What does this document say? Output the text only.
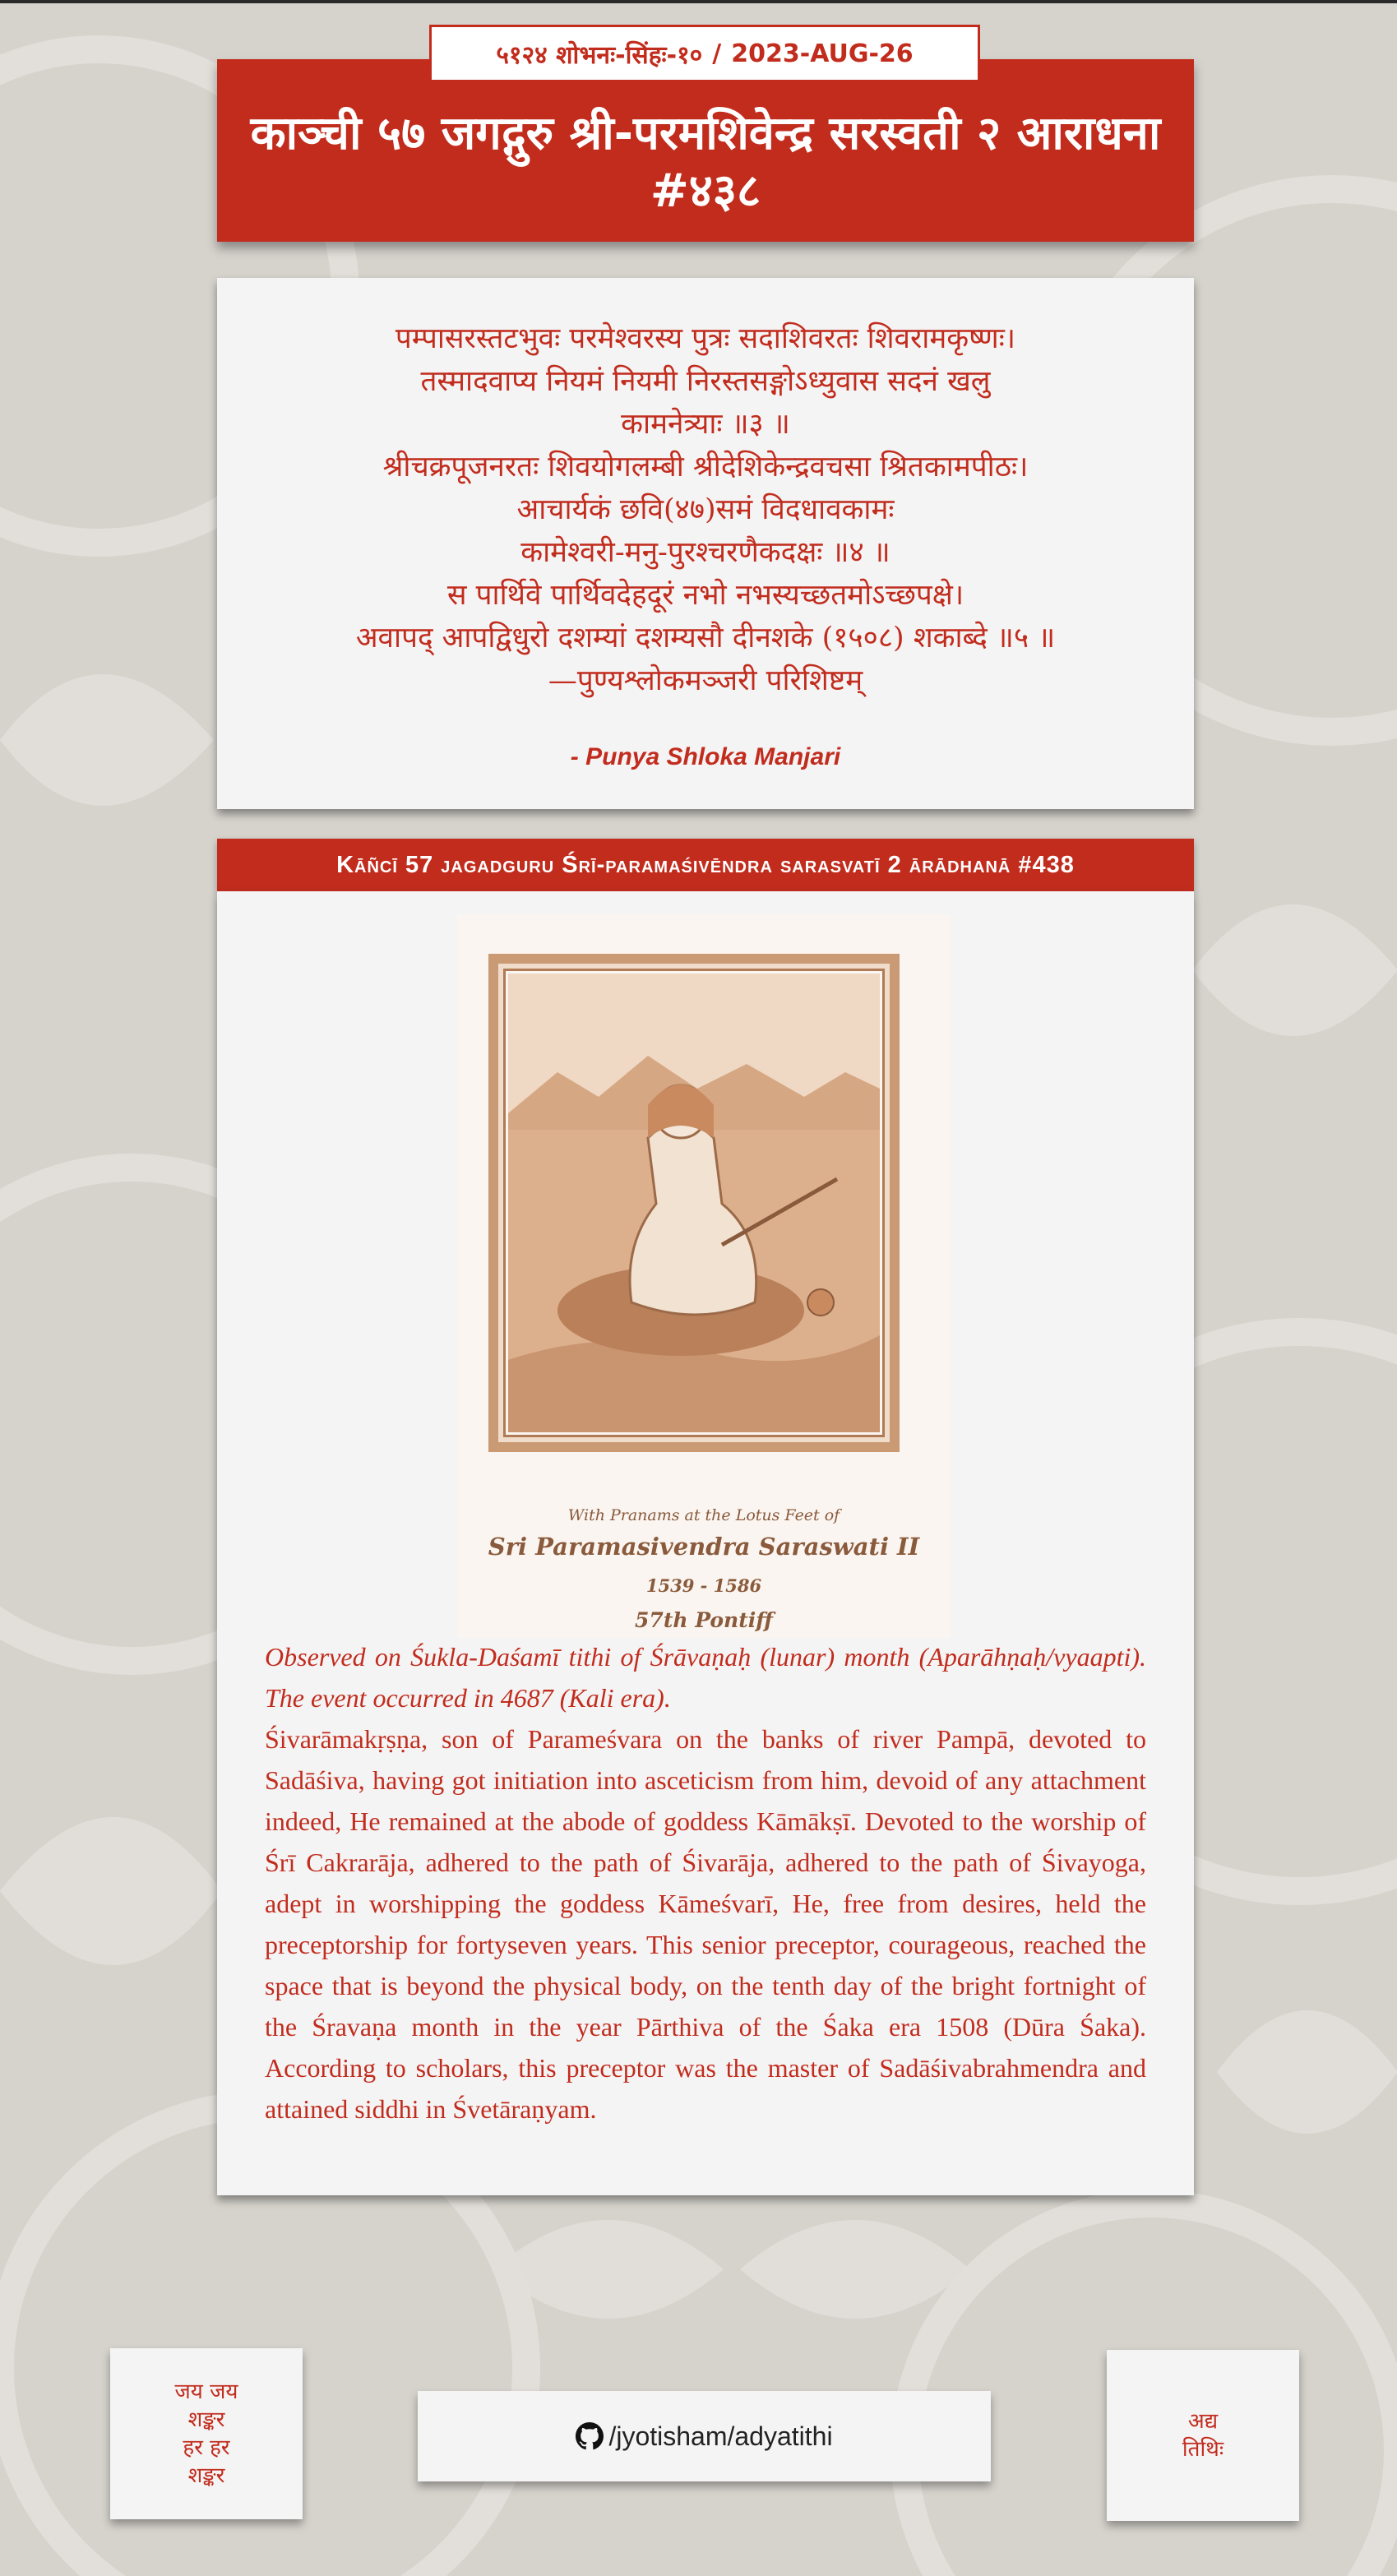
काञ्ची ५७ जगद्गुरु श्री-परमशिवेन्द्र सरस्वती २ आराधना #४३८
५१२४ शोभनः-सिंहः-१० / 2023-AUG-26
पम्पासरस्तटभुवः परमेश्वरस्य पुत्रः सदाशिवरतः शिवरामकृष्णः।
तस्मादवाप्य नियमं नियमी निरस्तसङ्गोऽध्युवास सदनं खलु
कामनेत्र्याः ॥३ ॥
श्रीचक्रपूजनरतः शिवयोगलम्बी श्रीदेशिकेन्द्रवचसा श्रितकामपीठः।
आचार्यकं छवि(४७)समं विदधावकामः
कामेश्वरी-मनु-पुरश्चरणैकदक्षः ॥४ ॥
स पार्थिवे पार्थिवदेहदूरं नभो नभस्यच्छतमोऽच्छपक्षे।
अवापद् आपद्विधुरो दशम्यां दशम्यसौ दीनशके (१५०८) शकाब्दे ॥५ ॥
—पुण्यश्लोकमञ्जरी परिशिष्टम्
- Punya Shloka Manjari
Kāñcī 57 jagadguru Śrī-paramaśivēndra sarasvatī 2 ārādhanā #438
With Pranams at the Lotus Feet of
Sri Paramasivendra Saraswati II
1539 - 1586
57th Pontiff

Observed on Śukla-Daśamī tithi of Śrāvaṇaḥ (lunar) month (Aparāhṇaḥ/vyaapti). The event occurred in 4687 (Kali era).

Śivarāmakṛṣṇa, son of Parameśvara on the banks of river Pampā, devoted to Sadāśiva, having got initiation into asceticism from him, devoid of any attachment indeed, He remained at the abode of goddess Kāmākṣī. Devoted to the worship of Śrī Cakrarāja, adhered to the path of Śivarāja, adhered to the path of Śivayoga, adept in worshipping the goddess Kāmeśvarī, He, free from desires, held the preceptorship for fortyseven years. This senior preceptor, courageous, reached the space that is beyond the physical body, on the tenth day of the bright fortnight of the Śravaṇa month in the year Pārthiva of the Śaka era 1508 (Dūra Śaka). According to scholars, this preceptor was the master of Sadāśivabrahmendra and attained siddhi in Śvetāraṇyam.

जय जय
शङ्कर
हर हर
शङ्कर
/jyotisham/adyatithi	अद्य
तिथिः
